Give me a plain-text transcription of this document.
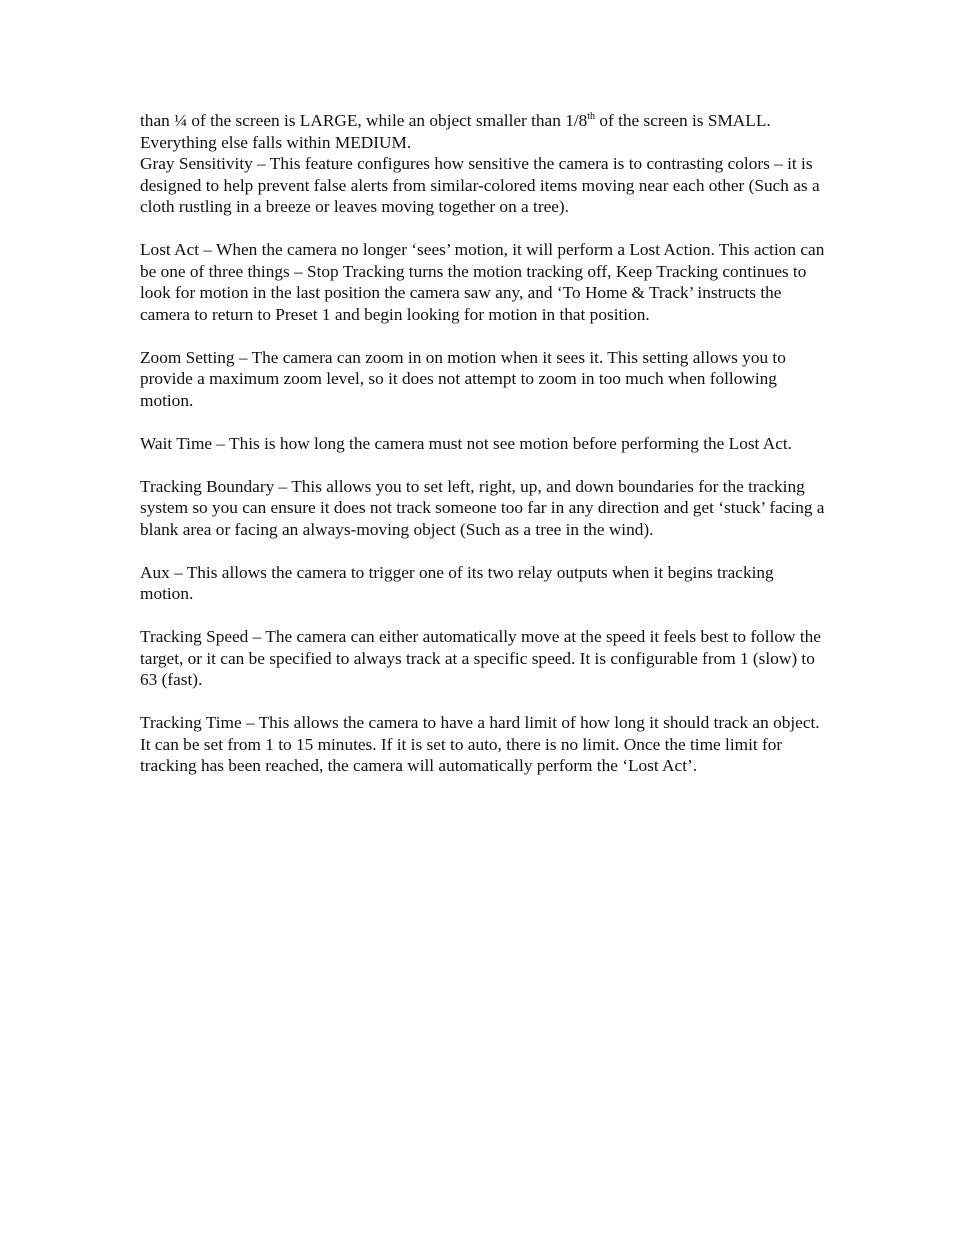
than ¼ of the screen is LARGE, while an object smaller than 1/8th of the screen is SMALL. Everything else falls within MEDIUM.

Gray Sensitivity – This feature configures how sensitive the camera is to contrasting colors – it is designed to help prevent false alerts from similar-colored items moving near each other (Such as a cloth rustling in a breeze or leaves moving together on a tree).

Lost Act – When the camera no longer ‘sees’ motion, it will perform a Lost Action. This action can be one of three things – Stop Tracking turns the motion tracking off, Keep Tracking continues to look for motion in the last position the camera saw any, and ‘To Home & Track’ instructs the camera to return to Preset 1 and begin looking for motion in that position.

Zoom Setting – The camera can zoom in on motion when it sees it. This setting allows you to provide a maximum zoom level, so it does not attempt to zoom in too much when following motion.

Wait Time – This is how long the camera must not see motion before performing the Lost Act.

Tracking Boundary – This allows you to set left, right, up, and down boundaries for the tracking system so you can ensure it does not track someone too far in any direction and get ‘stuck’ facing a blank area or facing an always-moving object (Such as a tree in the wind).

Aux – This allows the camera to trigger one of its two relay outputs when it begins tracking motion.

Tracking Speed – The camera can either automatically move at the speed it feels best to follow the target, or it can be specified to always track at a specific speed. It is configurable from 1 (slow) to 63 (fast).

Tracking Time – This allows the camera to have a hard limit of how long it should track an object. It can be set from 1 to 15 minutes. If it is set to auto, there is no limit. Once the time limit for tracking has been reached, the camera will automatically perform the ‘Lost Act’.
